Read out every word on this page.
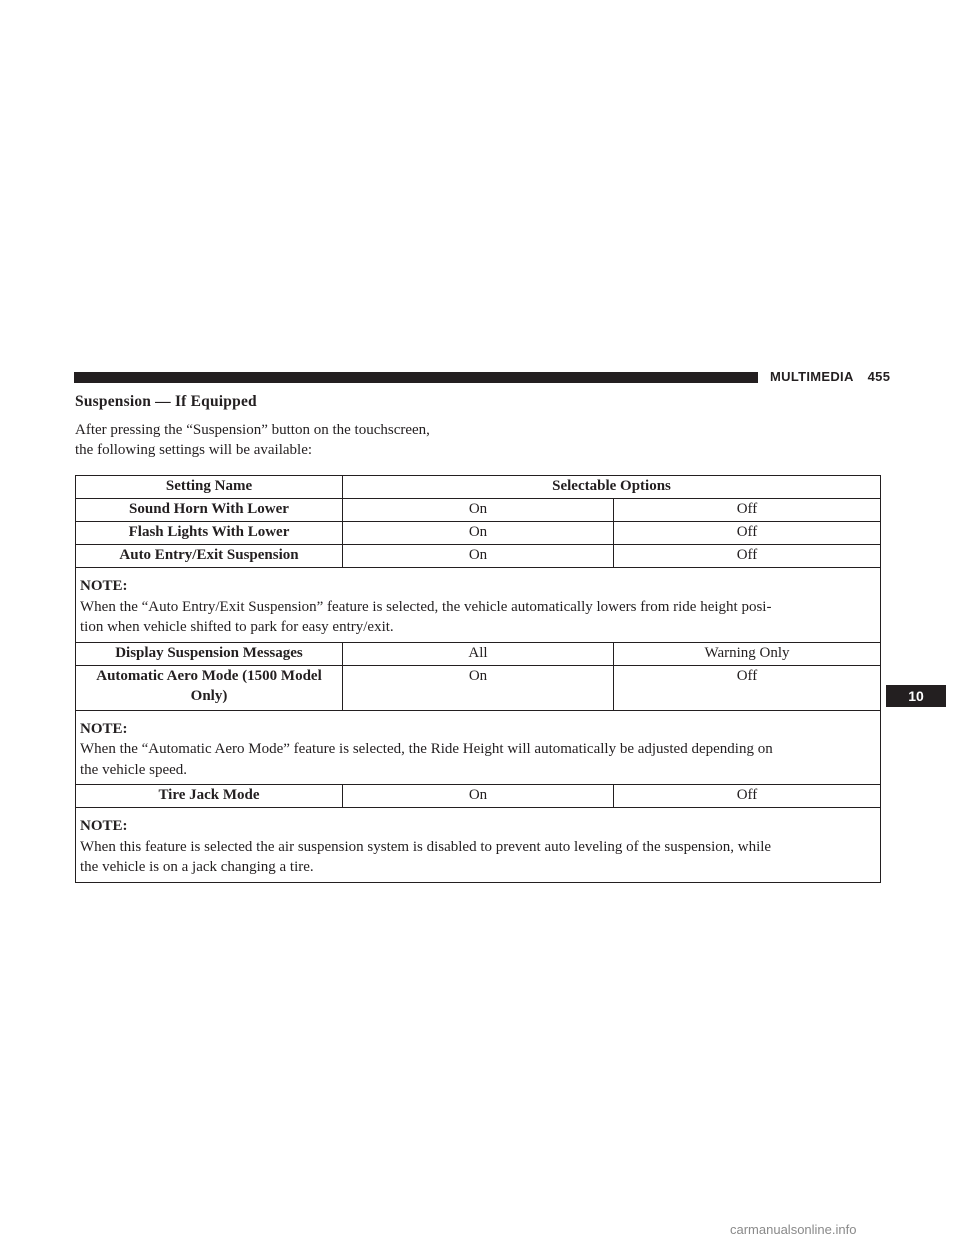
MULTIMEDIA 455
Suspension — If Equipped
After pressing the “Suspension” button on the touchscreen,
the following settings will be available:
Setting Name	Selectable Options	
Sound Horn With Lower	On	Off
Flash Lights With Lower	On	Off
Auto Entry/Exit Suspension	On	Off

NOTE:
When the “Auto Entry/Exit Suspension” feature is selected, the vehicle automatically lowers from ride height posi-
tion when vehicle shifted to park for easy entry/exit.		

Display Suspension Messages	All	Warning Only

Automatic Aero Mode (1500 Model
Only)	On	Off

NOTE:
When the “Automatic Aero Mode” feature is selected, the Ride Height will automatically be adjusted depending on
the vehicle speed.		

Tire Jack Mode	On	Off

NOTE:
When this feature is selected the air suspension system is disabled to prevent auto leveling of the suspension, while
the vehicle is on a jack changing a tire.		
10
carmanualsonline.info
